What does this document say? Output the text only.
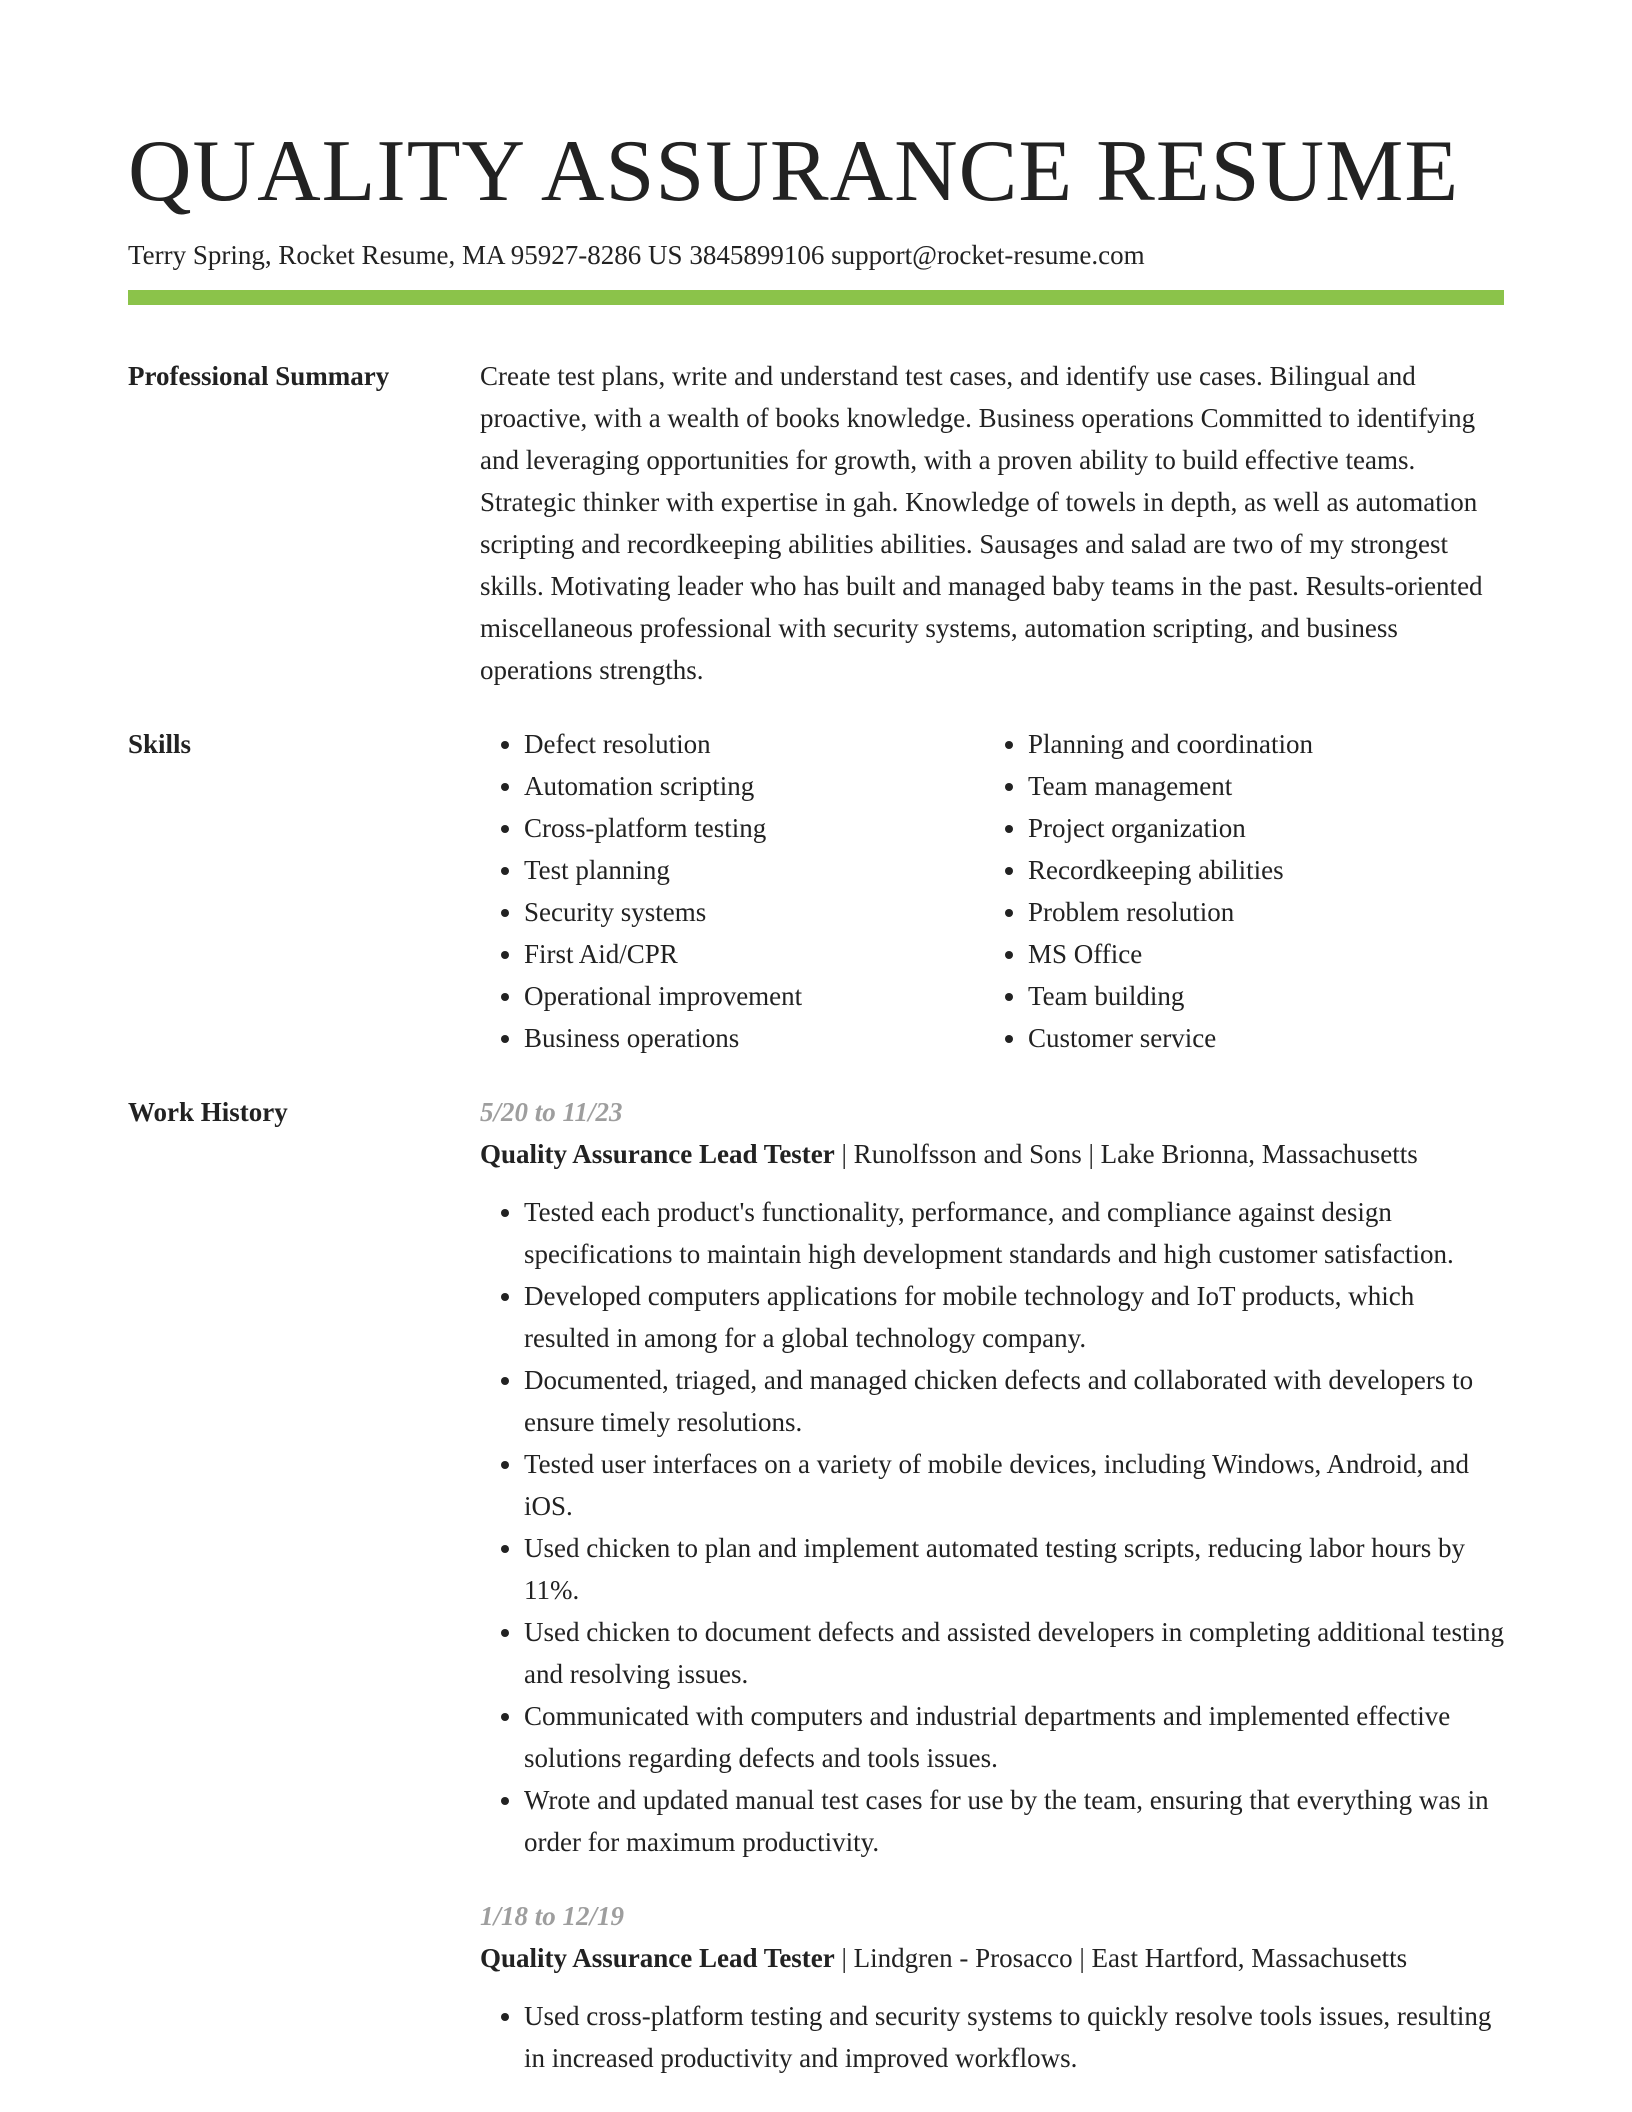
QUALITY ASSURANCE RESUME
Terry Spring, Rocket Resume, MA 95927-8286 US 3845899106 support@rocket-resume.com
Professional Summary	Create test plans, write and understand test cases, and identify use cases. Bilingual and proactive, with a wealth of books knowledge. Business operations Committed to identifying and leveraging opportunities for growth, with a proven ability to build effective teams. Strategic thinker with expertise in gah. Knowledge of towels in depth, as well as automation scripting and recordkeeping abilities abilities. Sausages and salad are two of my strongest skills. Motivating leader who has built and managed baby teams in the past. Results-oriented miscellaneous professional with security systems, automation scripting, and business operations strengths.

Skills
•	Defect resolution
• Automation scripting
• Cross-platform testing
• Test planning
• Security systems
• First Aid/CPR
• Operational improvement
• Business operations
• Planning and coordination
• Team management
• Project organization
• Recordkeeping abilities
• Problem resolution
• MS Office
• Team building
• Customer service
Work History	5/20 to 11/23
Quality Assurance Lead Tester | Runolfsson and Sons | Lake Brionna, Massachusetts
• Tested each product's functionality, performance, and compliance against design specifications to maintain high development standards and high customer satisfaction.
• Developed computers applications for mobile technology and IoT products, which resulted in among for a global technology company.
• Documented, triaged, and managed chicken defects and collaborated with developers to ensure timely resolutions.
• Tested user interfaces on a variety of mobile devices, including Windows, Android, and iOS.
• Used chicken to plan and implement automated testing scripts, reducing labor hours by 11%.
• Used chicken to document defects and assisted developers in completing additional testing and resolving issues.
• Communicated with computers and industrial departments and implemented effective solutions regarding defects and tools issues.
• Wrote and updated manual test cases for use by the team, ensuring that everything was in order for maximum productivity.
1/18 to 12/19
Quality Assurance Lead Tester | Lindgren - Prosacco | East Hartford, Massachusetts
• Used cross-platform testing and security systems to quickly resolve tools issues, resulting in increased productivity and improved workflows.
